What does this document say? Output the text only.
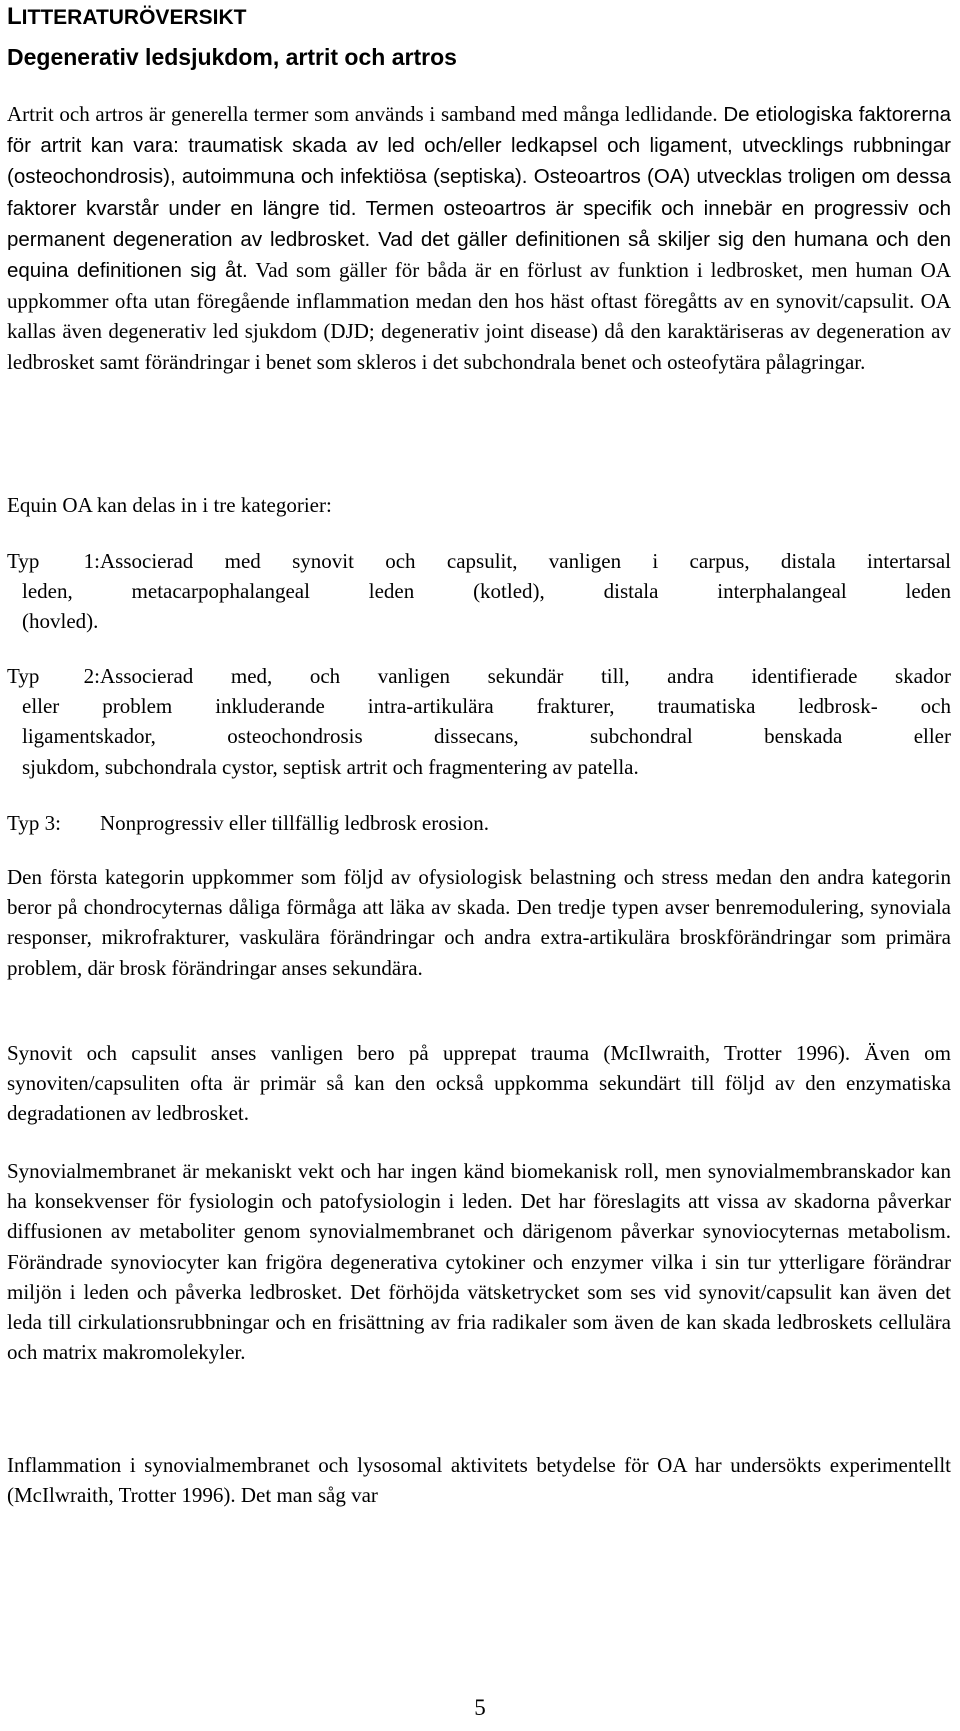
LITTERATURÖVERSIKT
Degenerativ ledsjukdom, artrit och artros

Artrit och artros är generella termer som används i samband med många ledlidande. De etiologiska faktorerna för artrit kan vara: traumatisk skada av led och/eller ledkapsel och ligament, utvecklings rubbningar (osteochondrosis), autoimmuna och infektiösa (septiska). Osteoartros (OA) utvecklas troligen om dessa faktorer kvarstår under en längre tid. Termen osteoartros är specifik och innebär en progressiv och permanent degeneration av ledbrosket. Vad det gäller definitionen så skiljer sig den humana och den equina definitionen sig åt. Vad som gäller för båda är en förlust av funktion i ledbrosket, men human OA uppkommer ofta utan föregående inflammation medan den hos häst oftast föregåtts av en synovit/capsulit. OA kallas även degenerativ led sjukdom (DJD; degenerativ joint disease) då den karaktäriseras av degeneration av ledbrosket samt förändringar i benet som skleros i det subchondrala benet och osteofytära pålagringar.

Equin OA kan delas in i tre kategorier:

Typ 1:Associerad med synovit och capsulit, vanligen i carpus, distala intertarsal
leden, metacarpophalangeal leden (kotled), distala interphalangeal leden
(hovled).
Typ 2:Associerad med, och vanligen sekundär till, andra identifierade skador
eller problem inkluderande intra-artikulära frakturer, traumatiska ledbrosk- och
ligamentskador, osteochondrosis dissecans, subchondral benskada eller
sjukdom, subchondrala cystor, septisk artrit och fragmentering av patella.
Typ 3: Nonprogressiv eller tillfällig ledbrosk erosion.

Den första kategorin uppkommer som följd av ofysiologisk belastning och stress medan den andra kategorin beror på chondrocyternas dåliga förmåga att läka av skada. Den tredje typen avser benremodulering, synoviala responser, mikrofrakturer, vaskulära förändringar och andra extra-artikulära broskförändringar som primära problem, där brosk förändringar anses sekundära.

Synovit och capsulit anses vanligen bero på upprepat trauma (McIlwraith, Trotter 1996). Även om synoviten/capsuliten ofta är primär så kan den också uppkomma sekundärt till följd av den enzymatiska degradationen av ledbrosket.

Synovialmembranet är mekaniskt vekt och har ingen känd biomekanisk roll, men synovialmembranskador kan ha konsekvenser för fysiologin och patofysiologin i leden. Det har föreslagits att vissa av skadorna påverkar diffusionen av metaboliter genom synovialmembranet och därigenom påverkar synoviocyternas metabolism. Förändrade synoviocyter kan frigöra degenerativa cytokiner och enzymer vilka i sin tur ytterligare förändrar miljön i leden och påverka ledbrosket. Det förhöjda vätsketrycket som ses vid synovit/capsulit kan även det leda till cirkulationsrubbningar och en frisättning av fria radikaler som även de kan skada ledbroskets cellulära och matrix makromolekyler.

Inflammation i synovialmembranet och lysosomal aktivitets betydelse för OA har undersökts experimentellt (McIlwraith, Trotter 1996). Det man såg var

5
